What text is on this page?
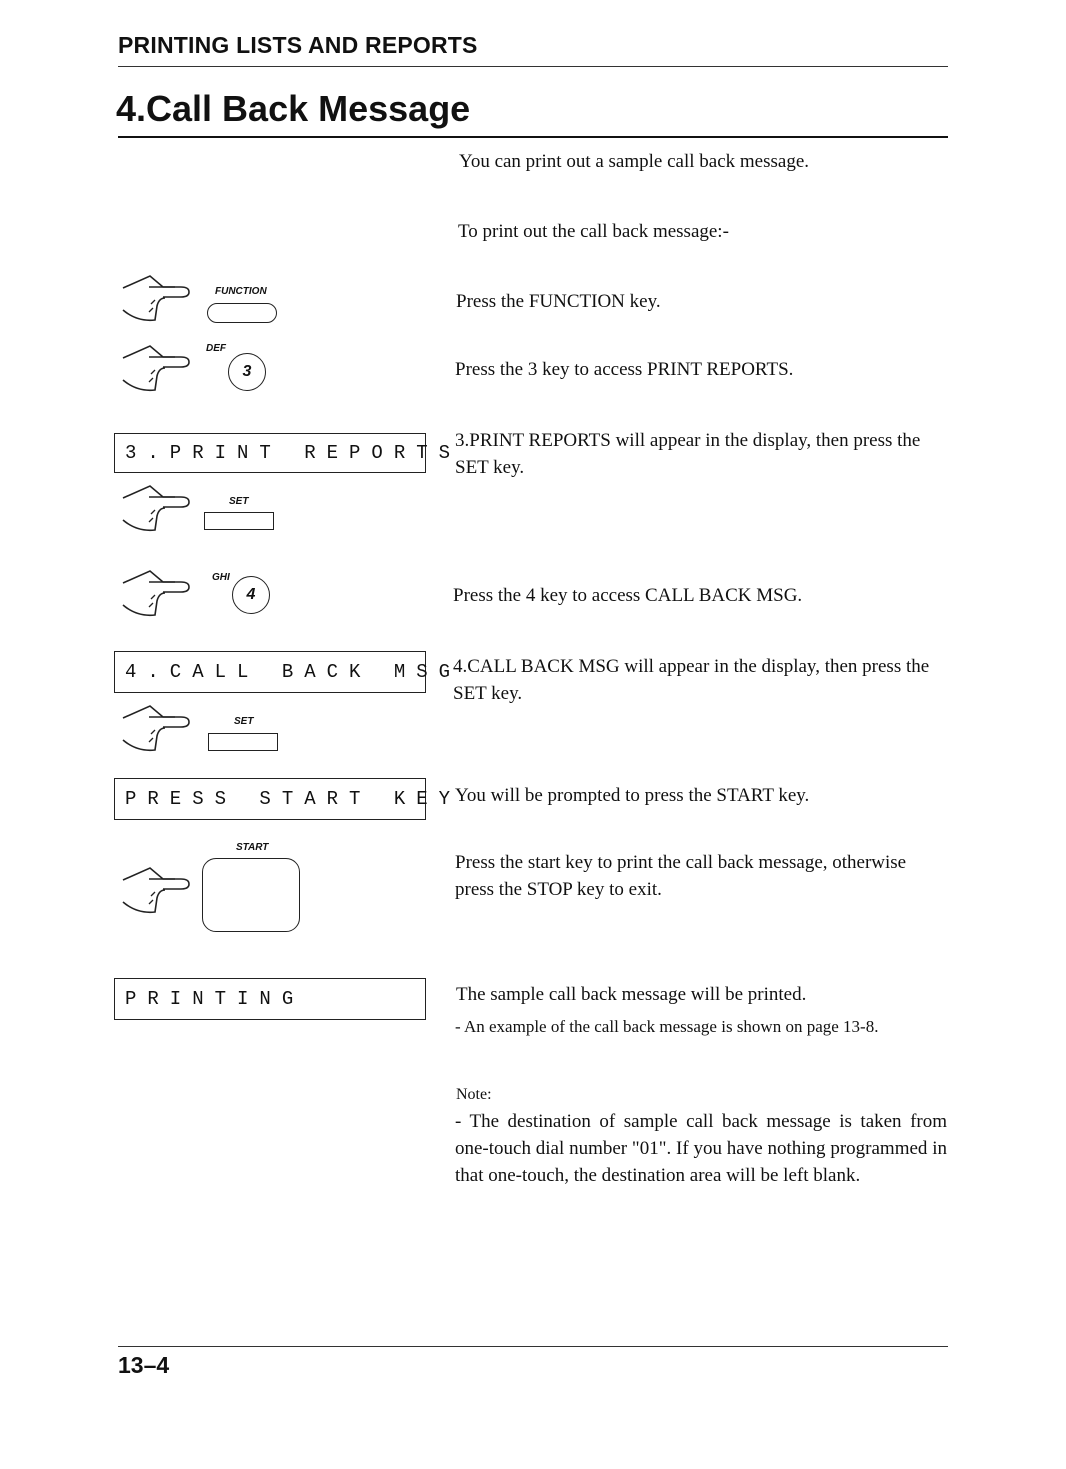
PRINTING LISTS AND REPORTS
4.Call Back Message
You can print out a sample call back message.
To print out the call back message:-
FUNCTION	Press the FUNCTION key.
DEF
3	Press the 3 key to access PRINT REPORTS.
3.PRINT REPORTS
3.PRINT REPORTS will appear in the display, then press the SET key.
SET
GHI
4	Press the 4 key to access CALL BACK MSG.
4.CALL BACK MSG
4.CALL BACK MSG will appear in the display, then press the SET key.
SET
PRESS START KEY
You will be prompted to press the START key.
START
Press the start key to print the call back message, otherwise press the STOP key to exit.
PRINTING	The sample call back message will be printed.
- An example of the call back message is shown on page 13-8.
Note:
- The destination of sample call back message is taken from one-touch dial number "01". If you have nothing programmed in that one-touch, the destination area will be left blank.
13–4
